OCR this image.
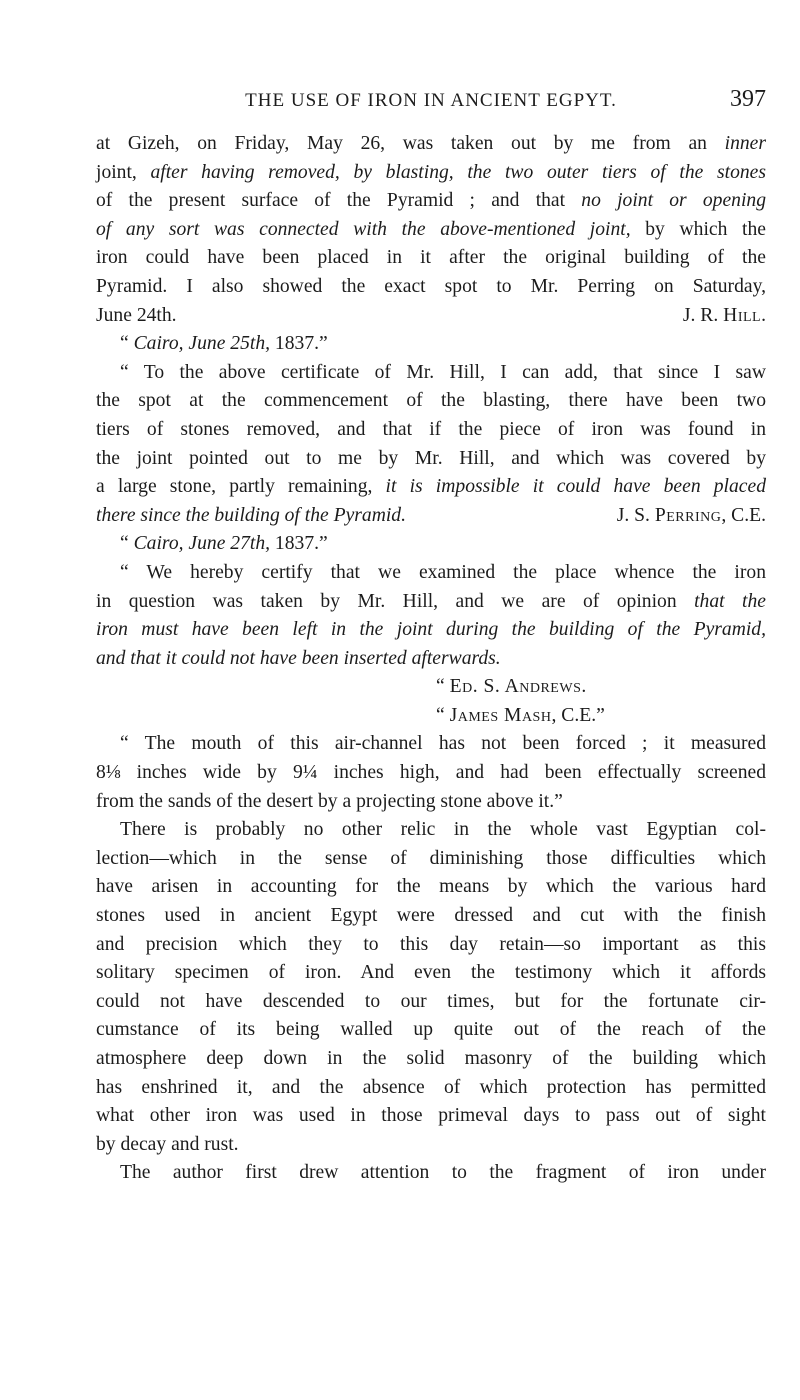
THE USE OF IRON IN ANCIENT EGPYT.	397
at Gizeh, on Friday, May 26, was taken out by me from an inner
joint, after having removed, by blasting, the two outer tiers of the stones
of the present surface of the Pyramid ; and that no joint or opening
of any sort was connected with the above-mentioned joint, by which the
iron could have been placed in it after the original building of the
Pyramid. I also showed the exact spot to Mr. Perring on Saturday,
June 24th.	J. R. Hill.
“ Cairo, June 25th, 1837.”
“ To the above certificate of Mr. Hill, I can add, that since I saw
the spot at the commencement of the blasting, there have been two
tiers of stones removed, and that if the piece of iron was found in
the joint pointed out to me by Mr. Hill, and which was covered by
a large stone, partly remaining, it is impossible it could have been placed
there since the building of the Pyramid.	J. S. Perring, C.E.
“ Cairo, June 27th, 1837.”
“ We hereby certify that we examined the place whence the iron
in question was taken by Mr. Hill, and we are of opinion that the
iron must have been left in the joint during the building of the Pyramid,
and that it could not have been inserted afterwards.
“ Ed. S. Andrews.
“ James Mash, C.E.”
“ The mouth of this air-channel has not been forced ; it measured
8⅛ inches wide by 9¼ inches high, and had been effectually screened
from the sands of the desert by a projecting stone above it.”
There is probably no other relic in the whole vast Egyptian col-
lection—which in the sense of diminishing those difficulties which
have arisen in accounting for the means by which the various hard
stones used in ancient Egypt were dressed and cut with the finish
and precision which they to this day retain—so important as this
solitary specimen of iron. And even the testimony which it affords
could not have descended to our times, but for the fortunate cir-
cumstance of its being walled up quite out of the reach of the
atmosphere deep down in the solid masonry of the building which
has enshrined it, and the absence of which protection has permitted
what other iron was used in those primeval days to pass out of sight
by decay and rust.
The author first drew attention to the fragment of iron under
